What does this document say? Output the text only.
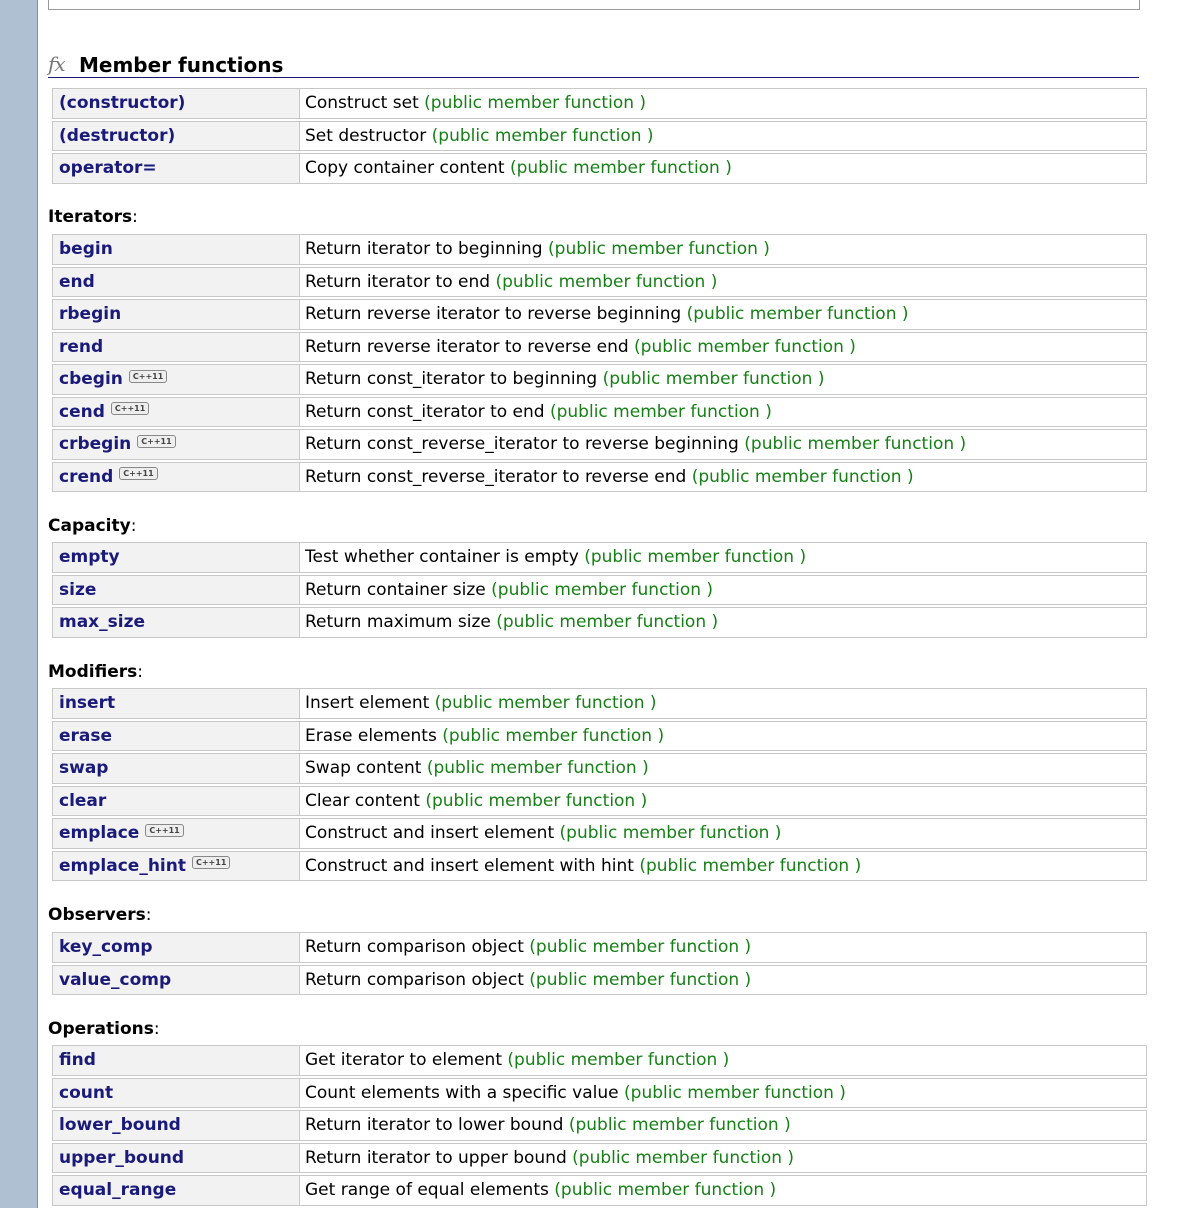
fx Member functions
(constructor)	Construct set (public member function )
(destructor)	Set destructor (public member function )
operator=	Copy container content (public member function )
Iterators:
begin	Return iterator to beginning (public member function )
end	Return iterator to end (public member function )
rbegin	Return reverse iterator to reverse beginning (public member function )
rend	Return reverse iterator to reverse end (public member function )
cbegin C++11	Return const_iterator to beginning (public member function )
cend C++11	Return const_iterator to end (public member function )
crbegin C++11	Return const_reverse_iterator to reverse beginning (public member function )
crend C++11	Return const_reverse_iterator to reverse end (public member function )
Capacity:
empty	Test whether container is empty (public member function )
size	Return container size (public member function )
max_size	Return maximum size (public member function )
Modifiers:
insert	Insert element (public member function )
erase	Erase elements (public member function )
swap	Swap content (public member function )
clear	Clear content (public member function )
emplace C++11	Construct and insert element (public member function )
emplace_hint C++11	Construct and insert element with hint (public member function )
Observers:
key_comp	Return comparison object (public member function )
value_comp	Return comparison object (public member function )
Operations:
find	Get iterator to element (public member function )
count	Count elements with a specific value (public member function )
lower_bound	Return iterator to lower bound (public member function )
upper_bound	Return iterator to upper bound (public member function )
equal_range	Get range of equal elements (public member function )
